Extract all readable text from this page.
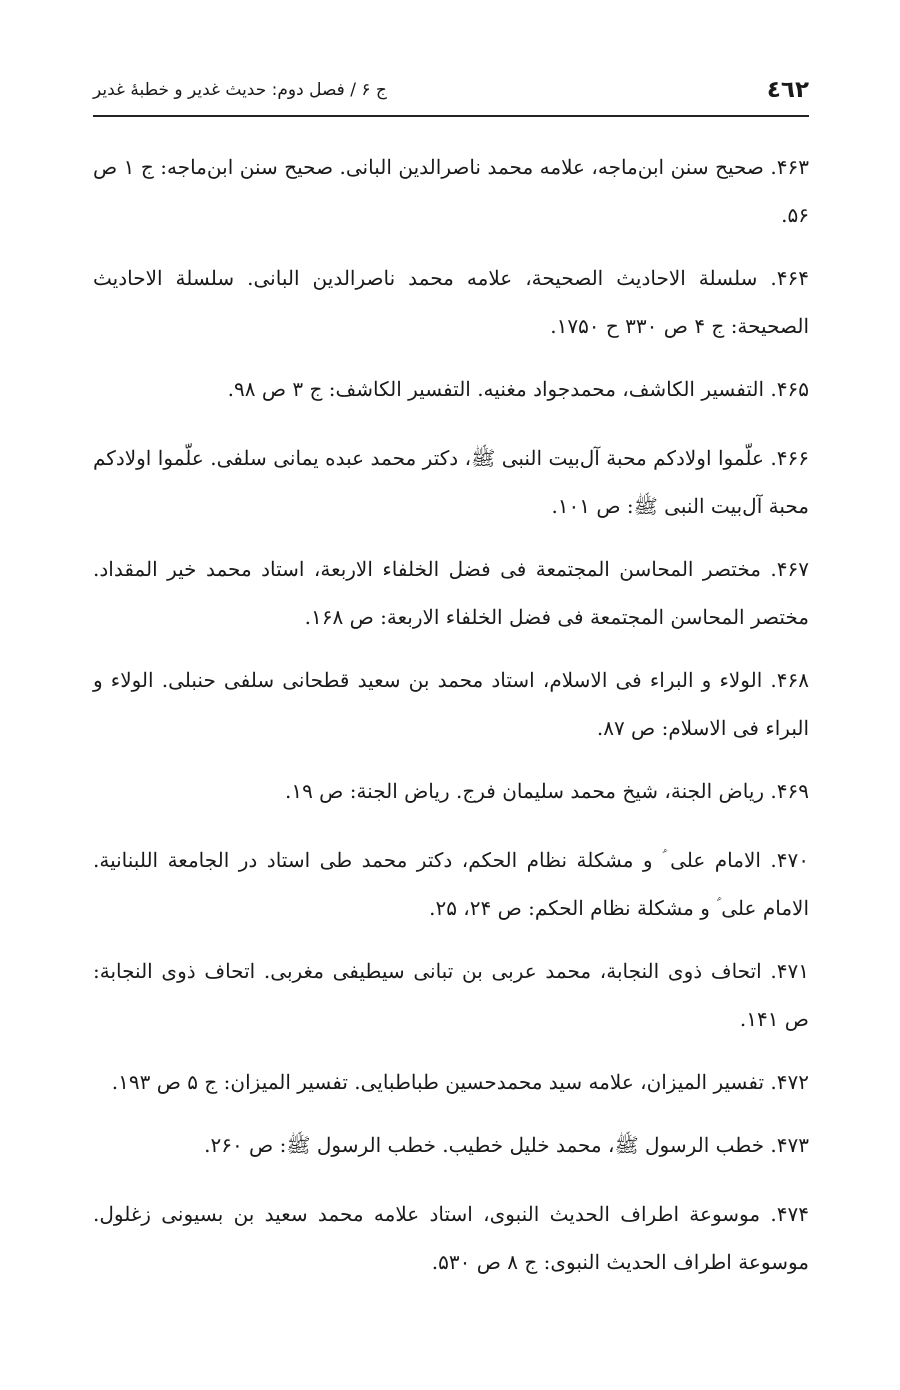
٤٦٢
ج ۶ / فصل دوم: حدیث غدیر و خطبهٔ غدیر

۴۶۳. صحیح سنن ابن‌ماجه، علامه محمد ناصرالدین البانی. صحیح سنن ابن‌ماجه: ج ۱ ص ۵۶.

۴۶۴. سلسلة الاحادیث الصحیحة، علامه محمد ناصرالدین البانی. سلسلة الاحادیث الصحیحة: ج ۴ ص ۳۳۰ ح ۱۷۵۰.

۴۶۵. التفسیر الکاشف، محمدجواد مغنیه. التفسیر الکاشف: ج ۳ ص ۹۸.

۴۶۶. علّموا اولادکم محبة آل‌بیت النبی ﷺ، دکتر محمد عبده یمانی سلفی. علّموا اولادکم محبة آل‌بیت النبی ﷺ: ص ۱۰۱.

۴۶۷. مختصر المحاسن المجتمعة فی فضل الخلفاء الاربعة، استاد محمد خیر المقداد. مختصر المحاسن المجتمعة فی فضل الخلفاء الاربعة: ص ۱۶۸.

۴۶۸. الولاء و البراء فی الاسلام، استاد محمد بن سعید قطحانی سلفی حنبلی. الولاء و البراء فی الاسلام: ص ۸۷.

۴۶۹. ریاض الجنة، شیخ محمد سلیمان فرج. ریاض الجنة: ص ۱۹.

۴۷۰. الامام علی ؑ و مشکلة نظام الحکم، دکتر محمد طی استاد در الجامعة اللبنانیة. الامام علی ؑ و مشکلة نظام الحکم: ص ۲۴، ۲۵.

۴۷۱. اتحاف ذوی النجابة، محمد عربی بن تبانی سیطیفی مغربی. اتحاف ذوی النجابة: ص ۱۴۱.

۴۷۲. تفسیر المیزان، علامه سید محمدحسین طباطبایی. تفسیر المیزان: ج ۵ ص ۱۹۳.

۴۷۳. خطب الرسول ﷺ، محمد خلیل خطیب. خطب الرسول ﷺ: ص ۲۶۰.

۴۷۴. موسوعة اطراف الحدیث النبوی، استاد علامه محمد سعید بن بسیونی زغلول. موسوعة اطراف الحدیث النبوی: ج ۸ ص ۵۳۰.
